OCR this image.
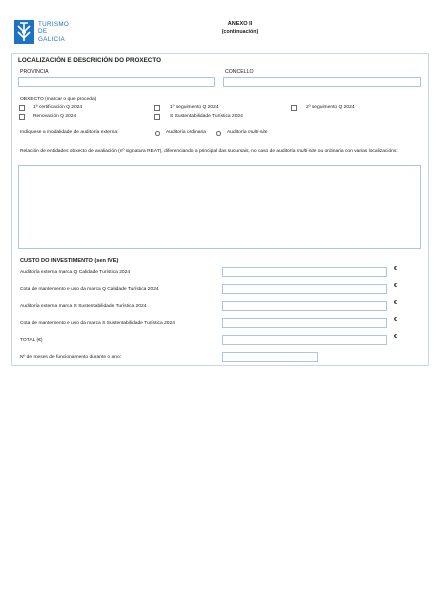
TURISMO
DE
GALICIA
ANEXO II
(continuación)
LOCALIZACIÓN E DESCRICIÓN DO PROXECTO
PROVINCIA	CONCELLO
OBXECTO (marcar o que proceda)
1ª certificación Q 2024	1º seguimento Q 2024	2º seguimento Q 2024
Renovación Q 2024	S Sustentabilidade Turística 2024
Indíquese a modalidade de auditoría externa:	Auditoría ordinaria	Auditoría multi-site
Relación de entidades obxecto de avaliación (nº signatura REAT), diferenciando a principal das sucursais, no caso de auditoría multi-site ou ordinaria con varias localizacións:
CUSTO DO INVESTIMENTO (sen IVE)
Auditoría externa marca Q Calidade Turística 2024
€
Cota de mantemento e uso da marca Q Calidade Turística 2024
€
Auditoría externa marca S Sustentabilidade Turística 2024
€
Cota de mantemento e uso da marca S Sustentabilidade Turística 2024
€
TOTAL (€)
€
Nº de meses de funcionamento durante o ano:
